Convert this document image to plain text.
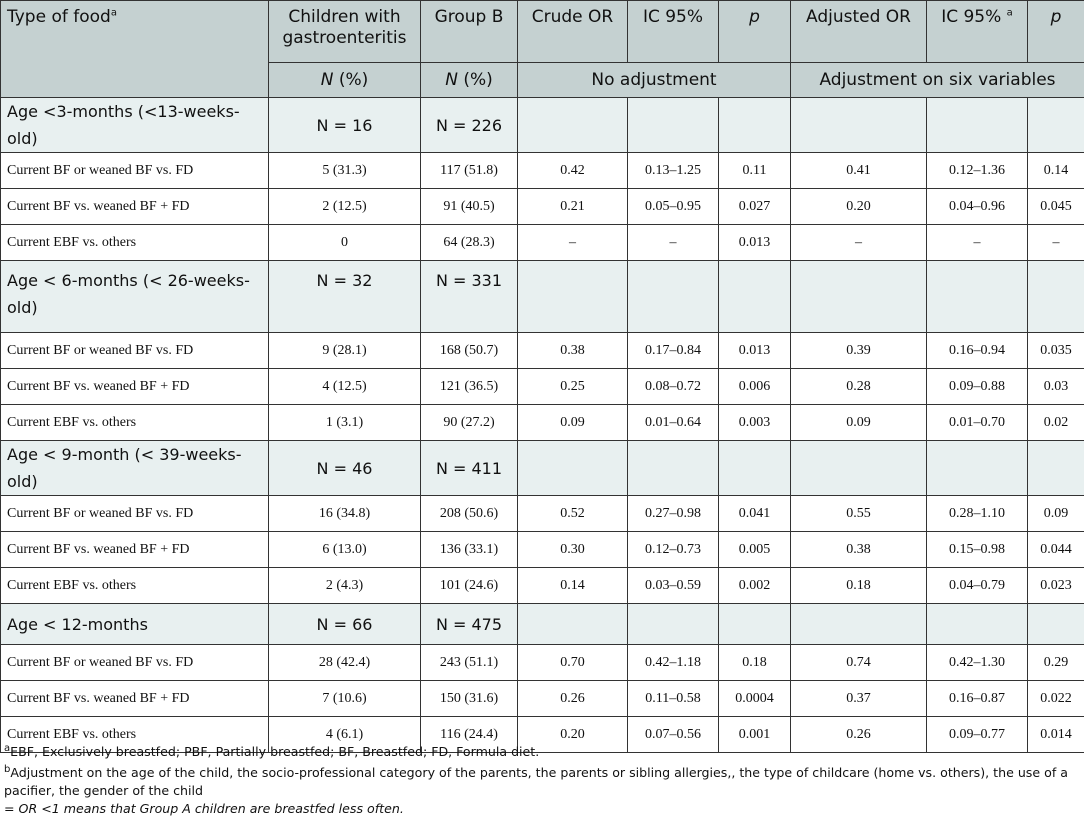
Type of food$^a$	Children with
gastroenteritis	Group B	Crude OR	IC 95%	p	Adjusted OR	IC 95% $^a$	p
	N (%)	N (%)	No adjustment			Adjustment on six variables		
Age <3-months (<13-weeks-old)	N = 16	N = 226						
Current BF or weaned BF vs. FD	5 (31.3)	117 (51.8)	0.42	0.13–1.25	0.11	0.41	0.12–1.36	0.14
Current BF vs. weaned BF + FD	2 (12.5)	91 (40.5)	0.21	0.05–0.95	0.027	0.20	0.04–0.96	0.045
Current EBF vs. others	0	64 (28.3)	–	–	0.013	–	–	–
Age < 6-months (< 26-weeks-old)	N = 32	N = 331						
Current BF or weaned BF vs. FD	9 (28.1)	168 (50.7)	0.38	0.17–0.84	0.013	0.39	0.16–0.94	0.035
Current BF vs. weaned BF + FD	4 (12.5)	121 (36.5)	0.25	0.08–0.72	0.006	0.28	0.09–0.88	0.03
Current EBF vs. others	1 (3.1)	90 (27.2)	0.09	0.01–0.64	0.003	0.09	0.01–0.70	0.02
Age < 9-month (< 39-weeks-old)	N = 46	N = 411						
Current BF or weaned BF vs. FD	16 (34.8)	208 (50.6)	0.52	0.27–0.98	0.041	0.55	0.28–1.10	0.09
Current BF vs. weaned BF + FD	6 (13.0)	136 (33.1)	0.30	0.12–0.73	0.005	0.38	0.15–0.98	0.044
Current EBF vs. others	2 (4.3)	101 (24.6)	0.14	0.03–0.59	0.002	0.18	0.04–0.79	0.023
Age < 12-months	N = 66	N = 475						
Current BF or weaned BF vs. FD	28 (42.4)	243 (51.1)	0.70	0.42–1.18	0.18	0.74	0.42–1.30	0.29
Current BF vs. weaned BF + FD	7 (10.6)	150 (31.6)	0.26	0.11–0.58	0.0004	0.37	0.16–0.87	0.022
Current EBF vs. others	4 (6.1)	116 (24.4)	0.20	0.07–0.56	0.001	0.26	0.09–0.77	0.014

$^a$EBF, Exclusively breastfed; PBF, Partially breastfed; BF, Breastfed; FD, Formula diet.

$^b$Adjustment on the age of the child, the socio-professional category of the parents, the parents or sibling allergies,, the type of childcare (home vs. others), the use of a pacifier, the gender of the child

= OR <1 means that Group A children are breastfed less often.
